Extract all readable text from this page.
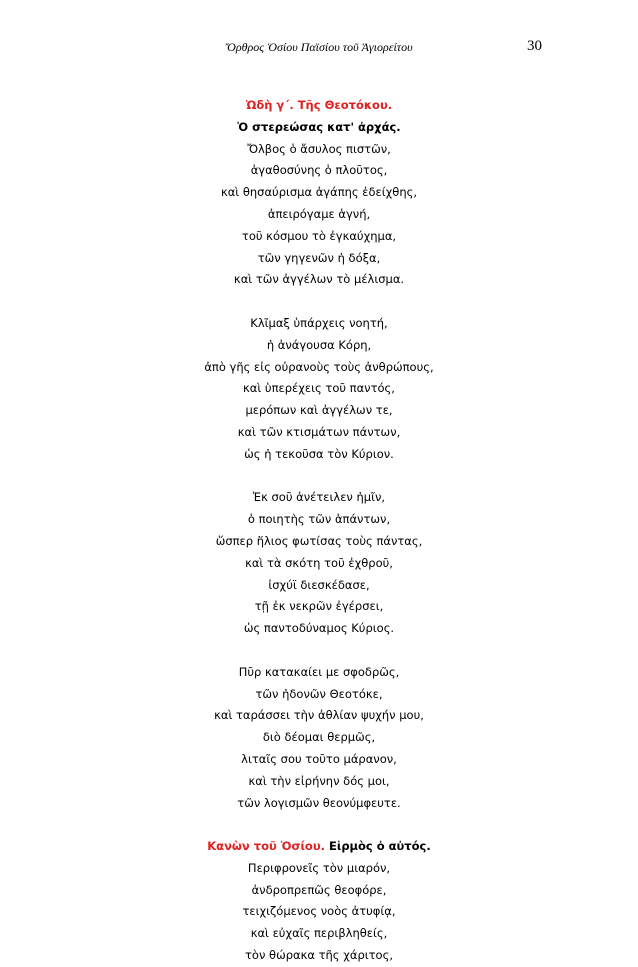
Ὄρθρος Ὁσίου Παϊσίου τοῦ Ἁγιορείτου	30
Ὠδὴ γ΄. Τῆς Θεοτόκου.
Ὁ στερεώσας κατ' ἀρχάς.
Ὄλβος ὁ ἄσυλος πιστῶν,
ἀγαθοσύνης ὁ πλοῦτος,
καὶ θησαύρισμα ἀγάπης ἐδείχθης,
ἀπειρόγαμε ἁγνή,
τοῦ κόσμου τὸ ἐγκαύχημα,
τῶν γηγενῶν ἡ δόξα,
καὶ τῶν ἀγγέλων τὸ μέλισμα.
Κλῖμαξ ὑπάρχεις νοητή,
ἡ ἀνάγουσα Κόρη,
ἀπὸ γῆς εἰς οὐρανοὺς τοὺς ἀνθρώπους,
καὶ ὑπερέχεις τοῦ παντός,
μερόπων καὶ ἀγγέλων τε,
καὶ τῶν κτισμάτων πάντων,
ὡς ἡ τεκοῦσα τὸν Κύριον.
Ἐκ σοῦ ἀνέτειλεν ἡμῖν,
ὁ ποιητὴς τῶν ἁπάντων,
ὥσπερ ἥλιος φωτίσας τοὺς πάντας,
καὶ τὰ σκότη τοῦ ἐχθροῦ,
ἰσχύϊ διεσκέδασε,
τῇ ἐκ νεκρῶν ἐγέρσει,
ὡς παντοδύναμος Κύριος.
Πῦρ κατακαίει με σφοδρῶς,
τῶν ἡδονῶν Θεοτόκε,
καὶ ταράσσει τὴν ἀθλίαν ψυχήν μου,
διὸ δέομαι θερμῶς,
λιταῖς σου τοῦτο μάρανον,
καὶ τὴν εἰρήνην δός μοι,
τῶν λογισμῶν θεονύμφευτε.
Κανὼν τοῦ Ὁσίου. Εἱρμὸς ὁ αὐτός.
Περιφρονεῖς τὸν μιαρόν,
ἀνδροπρεπῶς θεοφόρε,
τειχιζόμενος νοὸς ἀτυφίᾳ,
καὶ εὐχαῖς περιβληθείς,
τὸν θώρακα τῆς χάριτος,
